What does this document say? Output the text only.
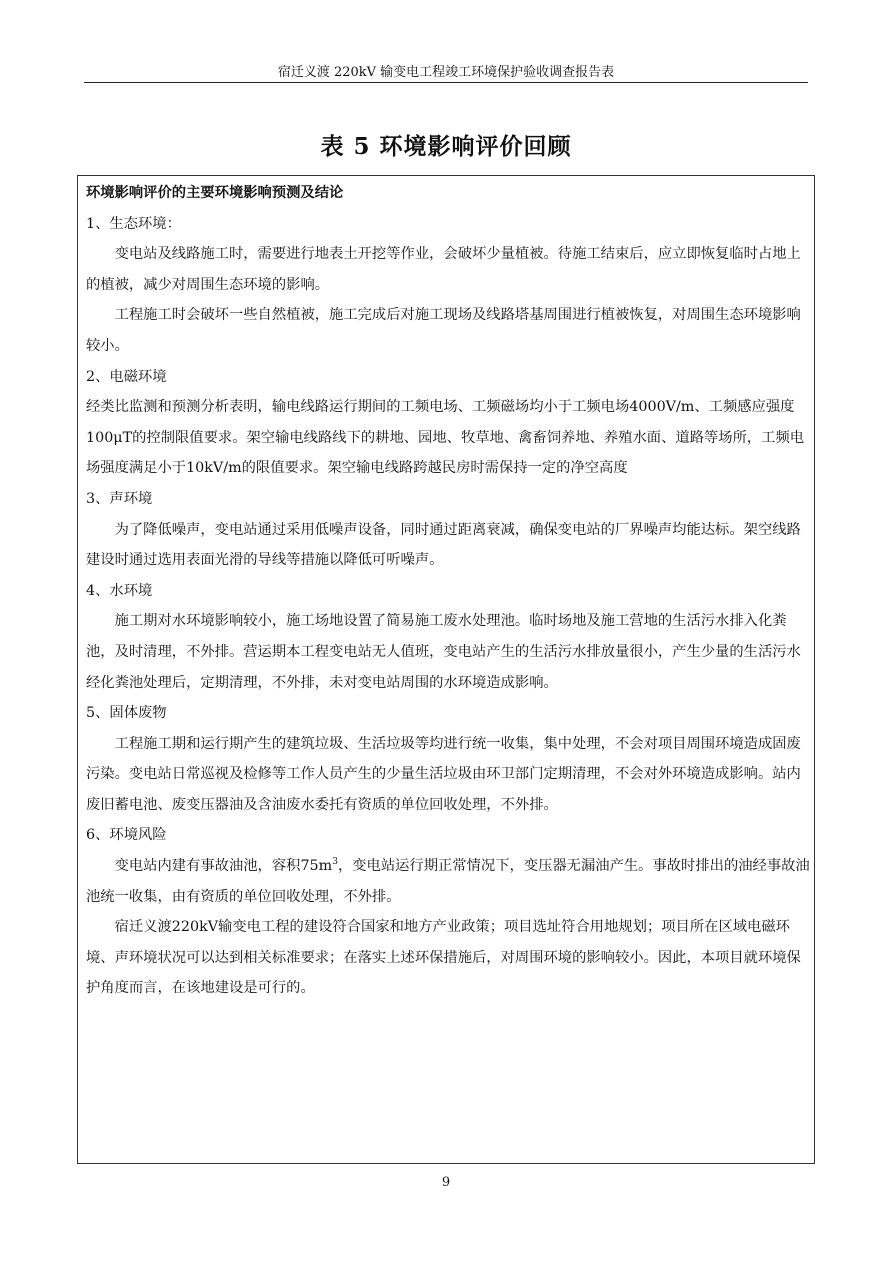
宿迁义渡 220kV 输变电工程竣工环境保护验收调查报告表
表 5 环境影响评价回顾

环境影响评价的主要环境影响预测及结论

1、生态环境：

变电站及线路施工时，需要进行地表土开挖等作业，会破坏少量植被。待施工结束后，应立即恢复临时占地上的植被，减少对周围生态环境的影响。

工程施工时会破坏一些自然植被，施工完成后对施工现场及线路塔基周围进行植被恢复，对周围生态环境影响较小。

2、电磁环境

经类比监测和预测分析表明，输电线路运行期间的工频电场、工频磁场均小于工频电场4000V/m、工频感应强度100μT的控制限值要求。架空输电线路线下的耕地、园地、牧草地、禽畜饲养地、养殖水面、道路等场所，工频电场强度满足小于10kV/m的限值要求。架空输电线路跨越民房时需保持一定的净空高度

3、声环境

为了降低噪声，变电站通过采用低噪声设备，同时通过距离衰减，确保变电站的厂界噪声均能达标。架空线路建设时通过选用表面光滑的导线等措施以降低可听噪声。

4、水环境

施工期对水环境影响较小，施工场地设置了简易施工废水处理池。临时场地及施工营地的生活污水排入化粪池，及时清理，不外排。营运期本工程变电站无人值班，变电站产生的生活污水排放量很小，产生少量的生活污水经化粪池处理后，定期清理，不外排，未对变电站周围的水环境造成影响。

5、固体废物

工程施工期和运行期产生的建筑垃圾、生活垃圾等均进行统一收集，集中处理，不会对项目周围环境造成固废污染。变电站日常巡视及检修等工作人员产生的少量生活垃圾由环卫部门定期清理，不会对外环境造成影响。站内废旧蓄电池、废变压器油及含油废水委托有资质的单位回收处理，不外排。

6、环境风险

变电站内建有事故油池，容积$75m^3$，变电站运行期正常情况下，变压器无漏油产生。事故时排出的油经事故油池统一收集，由有资质的单位回收处理，不外排。

宿迁义渡220kV输变电工程的建设符合国家和地方产业政策；项目选址符合用地规划；项目所在区域电磁环境、声环境状况可以达到相关标准要求；在落实上述环保措施后，对周围环境的影响较小。因此，本项目就环境保护角度而言，在该地建设是可行的。

9
